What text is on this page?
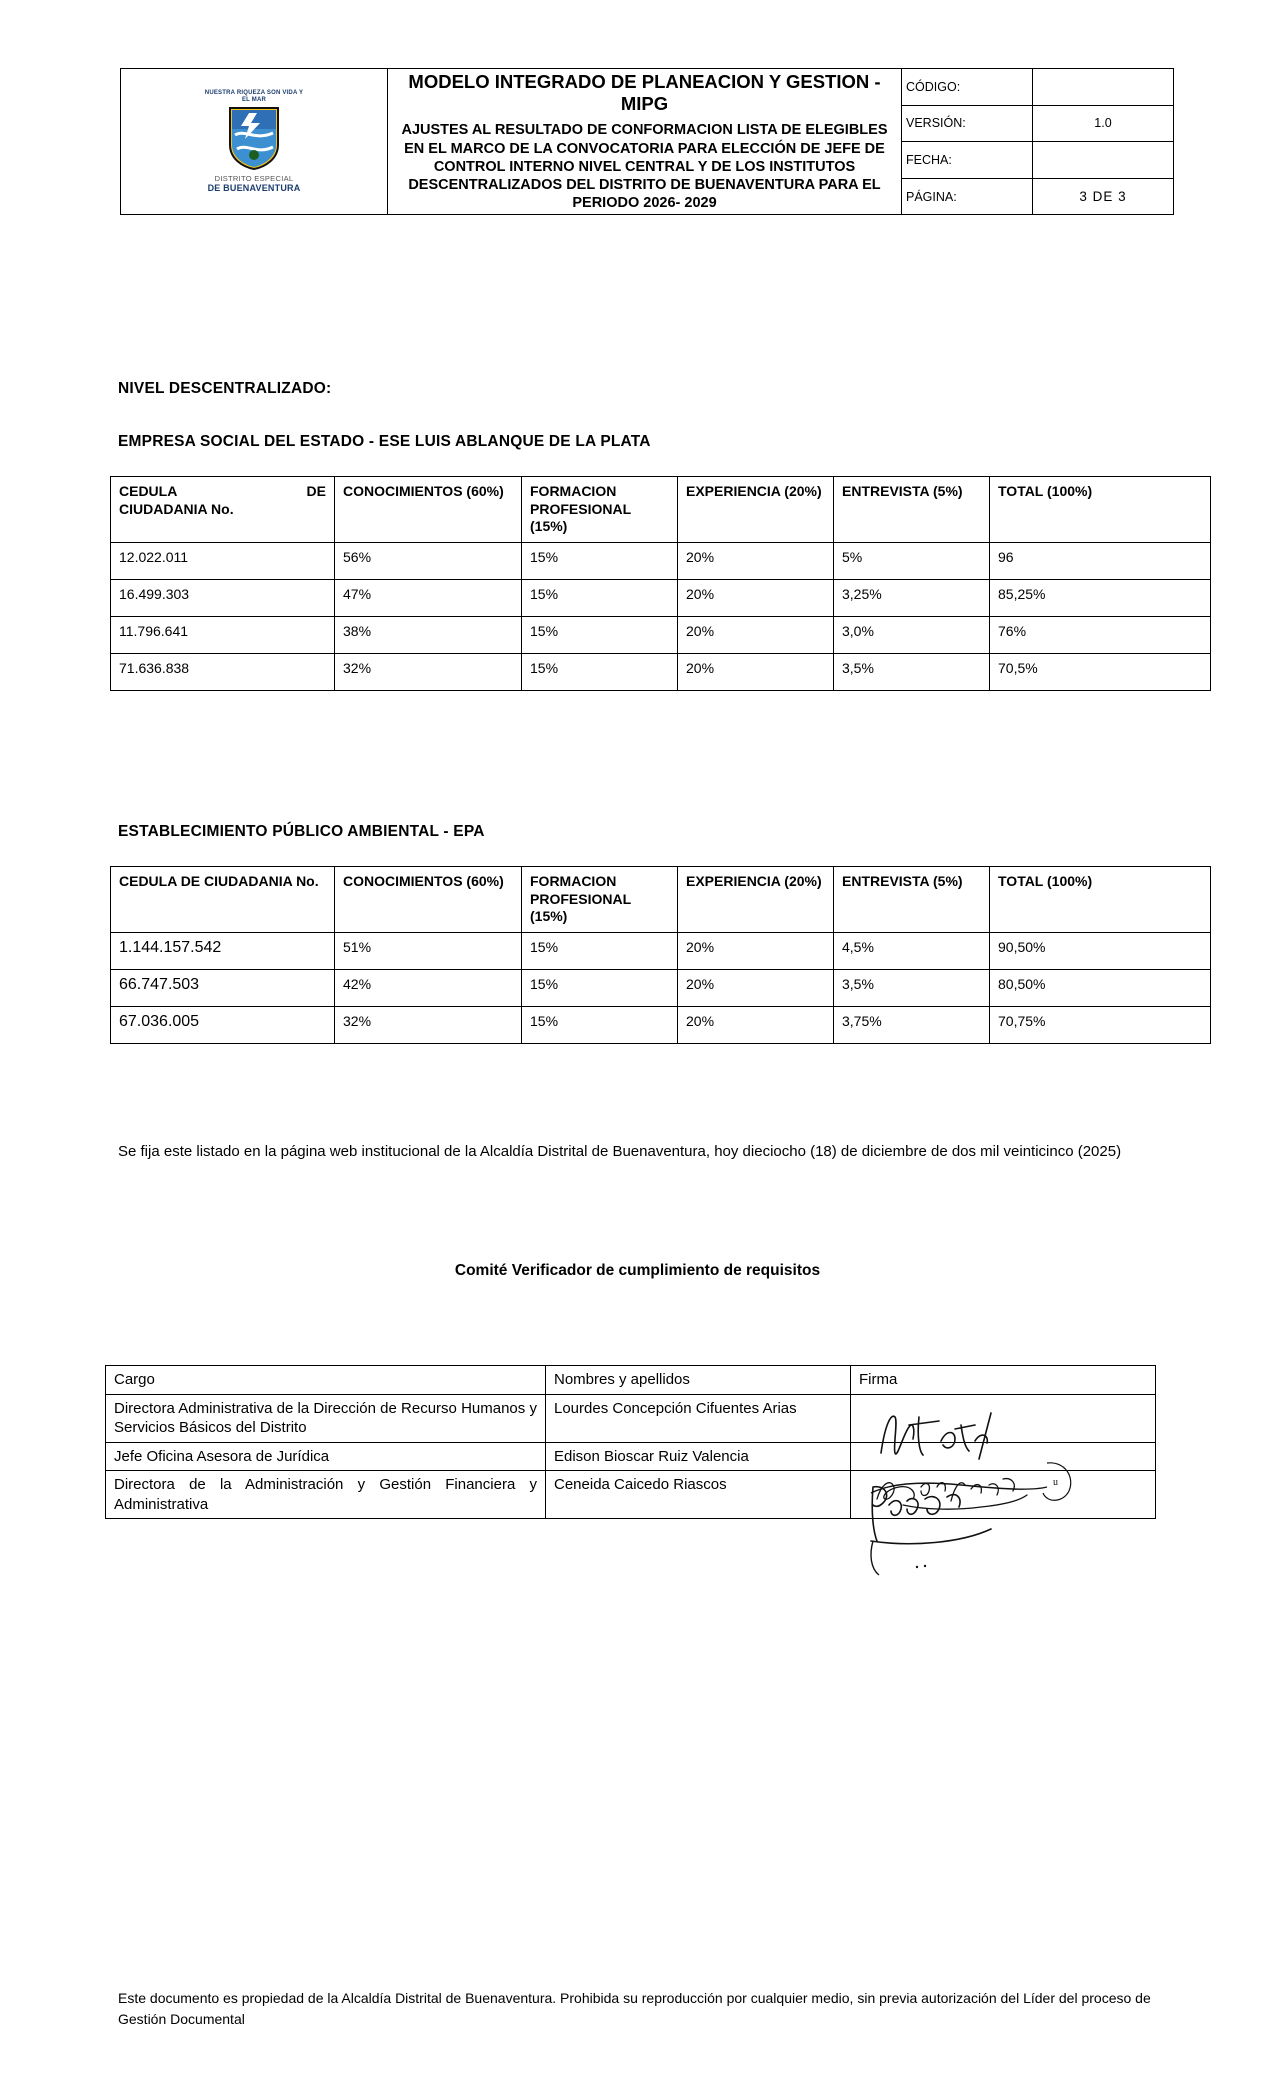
NUESTRA RIQUEZA SON VIDA Y EL MAR
DISTRITO ESPECIAL
DE BUENAVENTURA

MODELO INTEGRADO DE PLANEACION Y GESTION - MIPG
AJUSTES AL RESULTADO DE CONFORMACION LISTA DE ELEGIBLES EN EL MARCO DE LA CONVOCATORIA PARA ELECCIÓN DE JEFE DE CONTROL INTERNO NIVEL CENTRAL Y DE LOS INSTITUTOS DESCENTRALIZADOS DEL DISTRITO DE BUENAVENTURA PARA EL PERIODO 2026- 2029
	CÓDIGO:	
		VERSIÓN:	1.0
		FECHA:	
		PÁGINA:	3 DE 3
NIVEL DESCENTRALIZADO:
EMPRESA SOCIAL DEL ESTADO - ESE LUIS ABLANQUE DE LA PLATA
CEDULA DE
CIUDADANIA No.	CONOCIMIENTOS (60%)	FORMACION PROFESIONAL (15%)	EXPERIENCIA (20%)	ENTREVISTA (5%)	TOTAL (100%)
12.022.011	56%	15%	20%	5%	96
16.499.303	47%	15%	20%	3,25%	85,25%
11.796.641	38%	15%	20%	3,0%	76%
71.636.838	32%	15%	20%	3,5%	70,5%
ESTABLECIMIENTO PÚBLICO AMBIENTAL - EPA
CEDULA DE CIUDADANIA No.	CONOCIMIENTOS (60%)	FORMACION PROFESIONAL (15%)	EXPERIENCIA (20%)	ENTREVISTA (5%)	TOTAL (100%)
1.144.157.542	51%	15%	20%	4,5%	90,50%
66.747.503	42%	15%	20%	3,5%	80,50%
67.036.005	32%	15%	20%	3,75%	70,75%
Se fija este listado en la página web institucional de la Alcaldía Distrital de Buenaventura, hoy dieciocho (18) de diciembre de dos mil veinticinco (2025)
Comité Verificador de cumplimiento de requisitos
Cargo	Nombres y apellidos	Firma
Directora Administrativa de la Dirección de Recurso Humanos y Servicios Básicos del Distrito	Lourdes Concepción Cifuentes Arias	

Jefe Oficina Asesora de Jurídica	Edison Bioscar Ruiz Valencia	u

Directora de la Administración y Gestión Financiera y Administrativa	Ceneida Caicedo Riascos	
Este documento es propiedad de la Alcaldía Distrital de Buenaventura. Prohibida su reproducción por cualquier medio, sin previa autorización del Líder del proceso de Gestión Documental
